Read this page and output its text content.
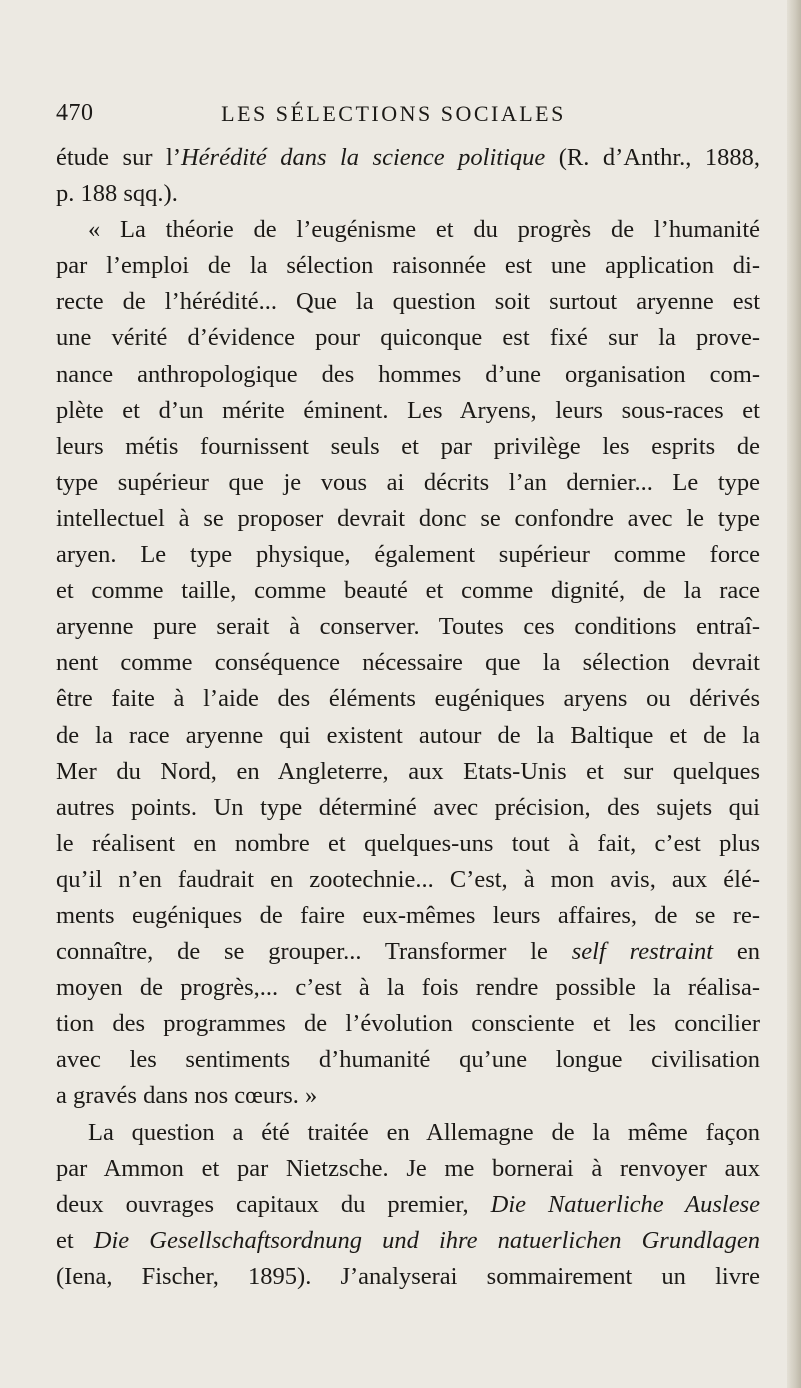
470	LES SÉLECTIONS SOCIALES
étude sur l’Hérédité dans la science politique (R. d’Anthr., 1888,
p. 188 sqq.).
« La théorie de l’eugénisme et du progrès de l’humanité
par l’emploi de la sélection raisonnée est une application di-
recte de l’hérédité... Que la question soit surtout aryenne est
une vérité d’évidence pour quiconque est fixé sur la prove-
nance anthropologique des hommes d’une organisation com-
plète et d’un mérite éminent. Les Aryens, leurs sous-races et
leurs métis fournissent seuls et par privilège les esprits de
type supérieur que je vous ai décrits l’an dernier... Le type
intellectuel à se proposer devrait donc se confondre avec le type
aryen. Le type physique, également supérieur comme force
et comme taille, comme beauté et comme dignité, de la race
aryenne pure serait à conserver. Toutes ces conditions entraî-
nent comme conséquence nécessaire que la sélection devrait
être faite à l’aide des éléments eugéniques aryens ou dérivés
de la race aryenne qui existent autour de la Baltique et de la
Mer du Nord, en Angleterre, aux Etats-Unis et sur quelques
autres points. Un type déterminé avec précision, des sujets qui
le réalisent en nombre et quelques-uns tout à fait, c’est plus
qu’il n’en faudrait en zootechnie... C’est, à mon avis, aux élé-
ments eugéniques de faire eux-mêmes leurs affaires, de se re-
connaître, de se grouper... Transformer le self restraint en
moyen de progrès,... c’est à la fois rendre possible la réalisa-
tion des programmes de l’évolution consciente et les concilier
avec les sentiments d’humanité qu’une longue civilisation
a gravés dans nos cœurs. »
La question a été traitée en Allemagne de la même façon
par Ammon et par Nietzsche. Je me bornerai à renvoyer aux
deux ouvrages capitaux du premier, Die Natuerliche Auslese
et Die Gesellschaftsordnung und ihre natuerlichen Grundlagen
(Iena, Fischer, 1895). J’analyserai sommairement un livre
